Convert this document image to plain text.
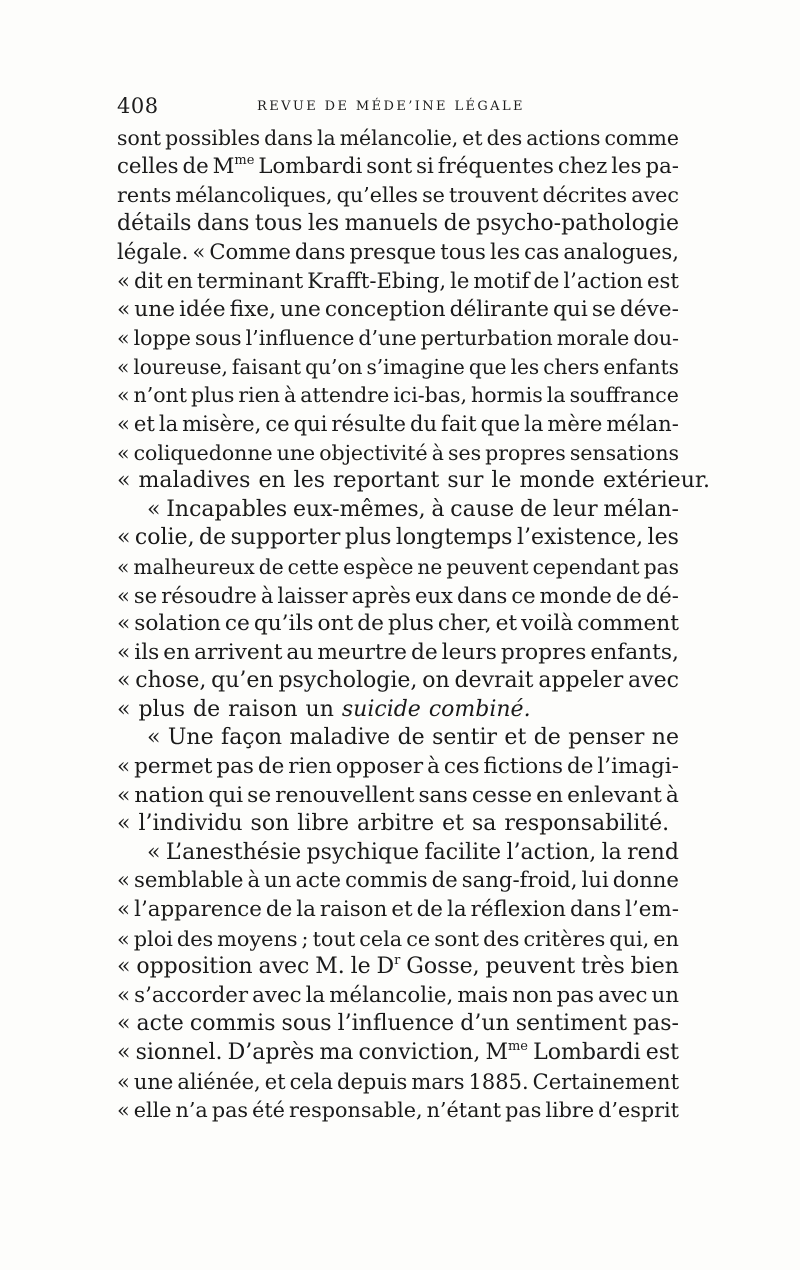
408	REVUE DE MÉDE’INE LÉGALE
sont possibles dans la mélancolie, et des actions comme
celles de $M^{me}$ Lombardi sont si fréquentes chez les pa-
rents mélancoliques, qu’elles se trouvent décrites avec
détails dans tous les manuels de psycho-pathologie
légale. « Comme dans presque tous les cas analogues,
« dit en terminant Krafft-Ebing, le motif de l’action est
« une idée fixe, une conception délirante qui se déve-
« loppe sous l’influence d’une perturbation morale dou-
« loureuse, faisant qu’on s’imagine que les chers enfants
« n’ont plus rien à attendre ici-bas, hormis la souffrance
« et la misère, ce qui résulte du fait que la mère mélan-
« coliquedonne une objectivité à ses propres sensations
« maladives en les reportant sur le monde extérieur.
« Incapables eux-mêmes, à cause de leur mélan-
« colie, de supporter plus longtemps l’existence, les
« malheureux de cette espèce ne peuvent cependant pas
« se résoudre à laisser après eux dans ce monde de dé-
« solation ce qu’ils ont de plus cher, et voilà comment
« ils en arrivent au meurtre de leurs propres enfants,
« chose, qu’en psychologie, on devrait appeler avec
« plus de raison un suicide combiné.
« Une façon maladive de sentir et de penser ne
« permet pas de rien opposer à ces fictions de l’imagi-
« nation qui se renouvellent sans cesse en enlevant à
« l’individu son libre arbitre et sa responsabilité.
« L’anesthésie psychique facilite l’action, la rend
« semblable à un acte commis de sang-froid, lui donne
« l’apparence de la raison et de la réflexion dans l’em-
« ploi des moyens ; tout cela ce sont des critères qui, en
« opposition avec M. le $D^r$ Gosse, peuvent très bien
« s’accorder avec la mélancolie, mais non pas avec un
« acte commis sous l’influence d’un sentiment pas-
« sionnel. D’après ma conviction, $M^{me}$ Lombardi est
« une aliénée, et cela depuis mars 1885. Certainement
« elle n’a pas été responsable, n’étant pas libre d’esprit
